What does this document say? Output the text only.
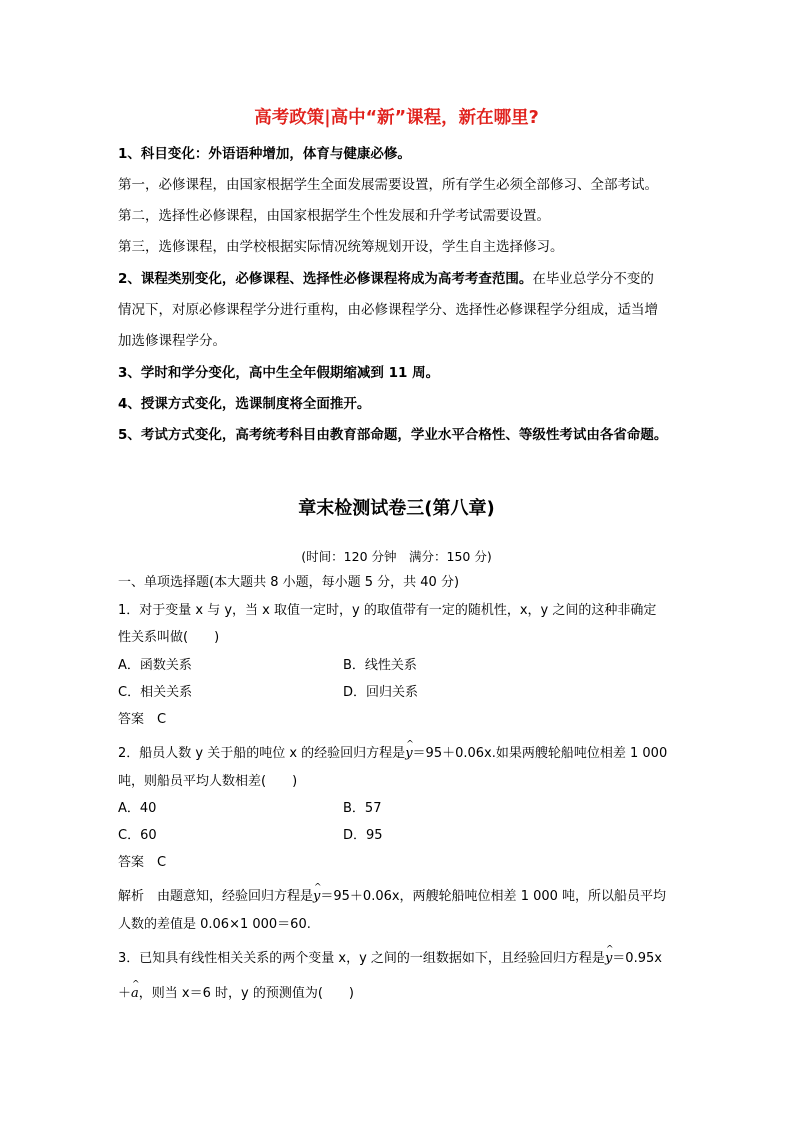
高考政策|高中“新”课程，新在哪里?
1、科目变化：外语语种增加，体育与健康必修。
第一，必修课程，由国家根据学生全面发展需要设置，所有学生必须全部修习、全部考试。
第二，选择性必修课程，由国家根据学生个性发展和升学考试需要设置。
第三，选修课程，由学校根据实际情况统筹规划开设，学生自主选择修习。
2、课程类别变化，必修课程、选择性必修课程将成为高考考查范围。在毕业总学分不变的
情况下，对原必修课程学分进行重构，由必修课程学分、选择性必修课程学分组成，适当增
加选修课程学分。
3、学时和学分变化，高中生全年假期缩减到 11 周。
4、授课方式变化，选课制度将全面推开。
5、考试方式变化，高考统考科目由教育部命题，学业水平合格性、等级性考试由各省命题。
章末检测试卷三(第八章)
(时间：120 分钟　满分：150 分)
一、单项选择题(本大题共 8 小题，每小题 5 分，共 40 分)
1．对于变量 x 与 y，当 x 取值一定时，y 的取值带有一定的随机性，x，y 之间的这种非确定
性关系叫做(　　)
A．函数关系	B．线性关系
C．相关关系	D．回归关系
答案　C
2．船员人数 y 关于船的吨位 x 的经验回归方程是^ y＝95＋0.06x.如果两艘轮船吨位相差 1 000
吨，则船员平均人数相差(　　)
A．40	B．57
C．60	D．95
答案　C
解析　由题意知，经验回归方程是^ y＝95＋0.06x，两艘轮船吨位相差 1 000 吨，所以船员平均
人数的差值是 0.06×1 000＝60.
3．已知具有线性相关关系的两个变量 x，y 之间的一组数据如下，且经验回归方程是^ y＝0.95x
＋^ a，则当 x＝6 时，y 的预测值为(　　)
